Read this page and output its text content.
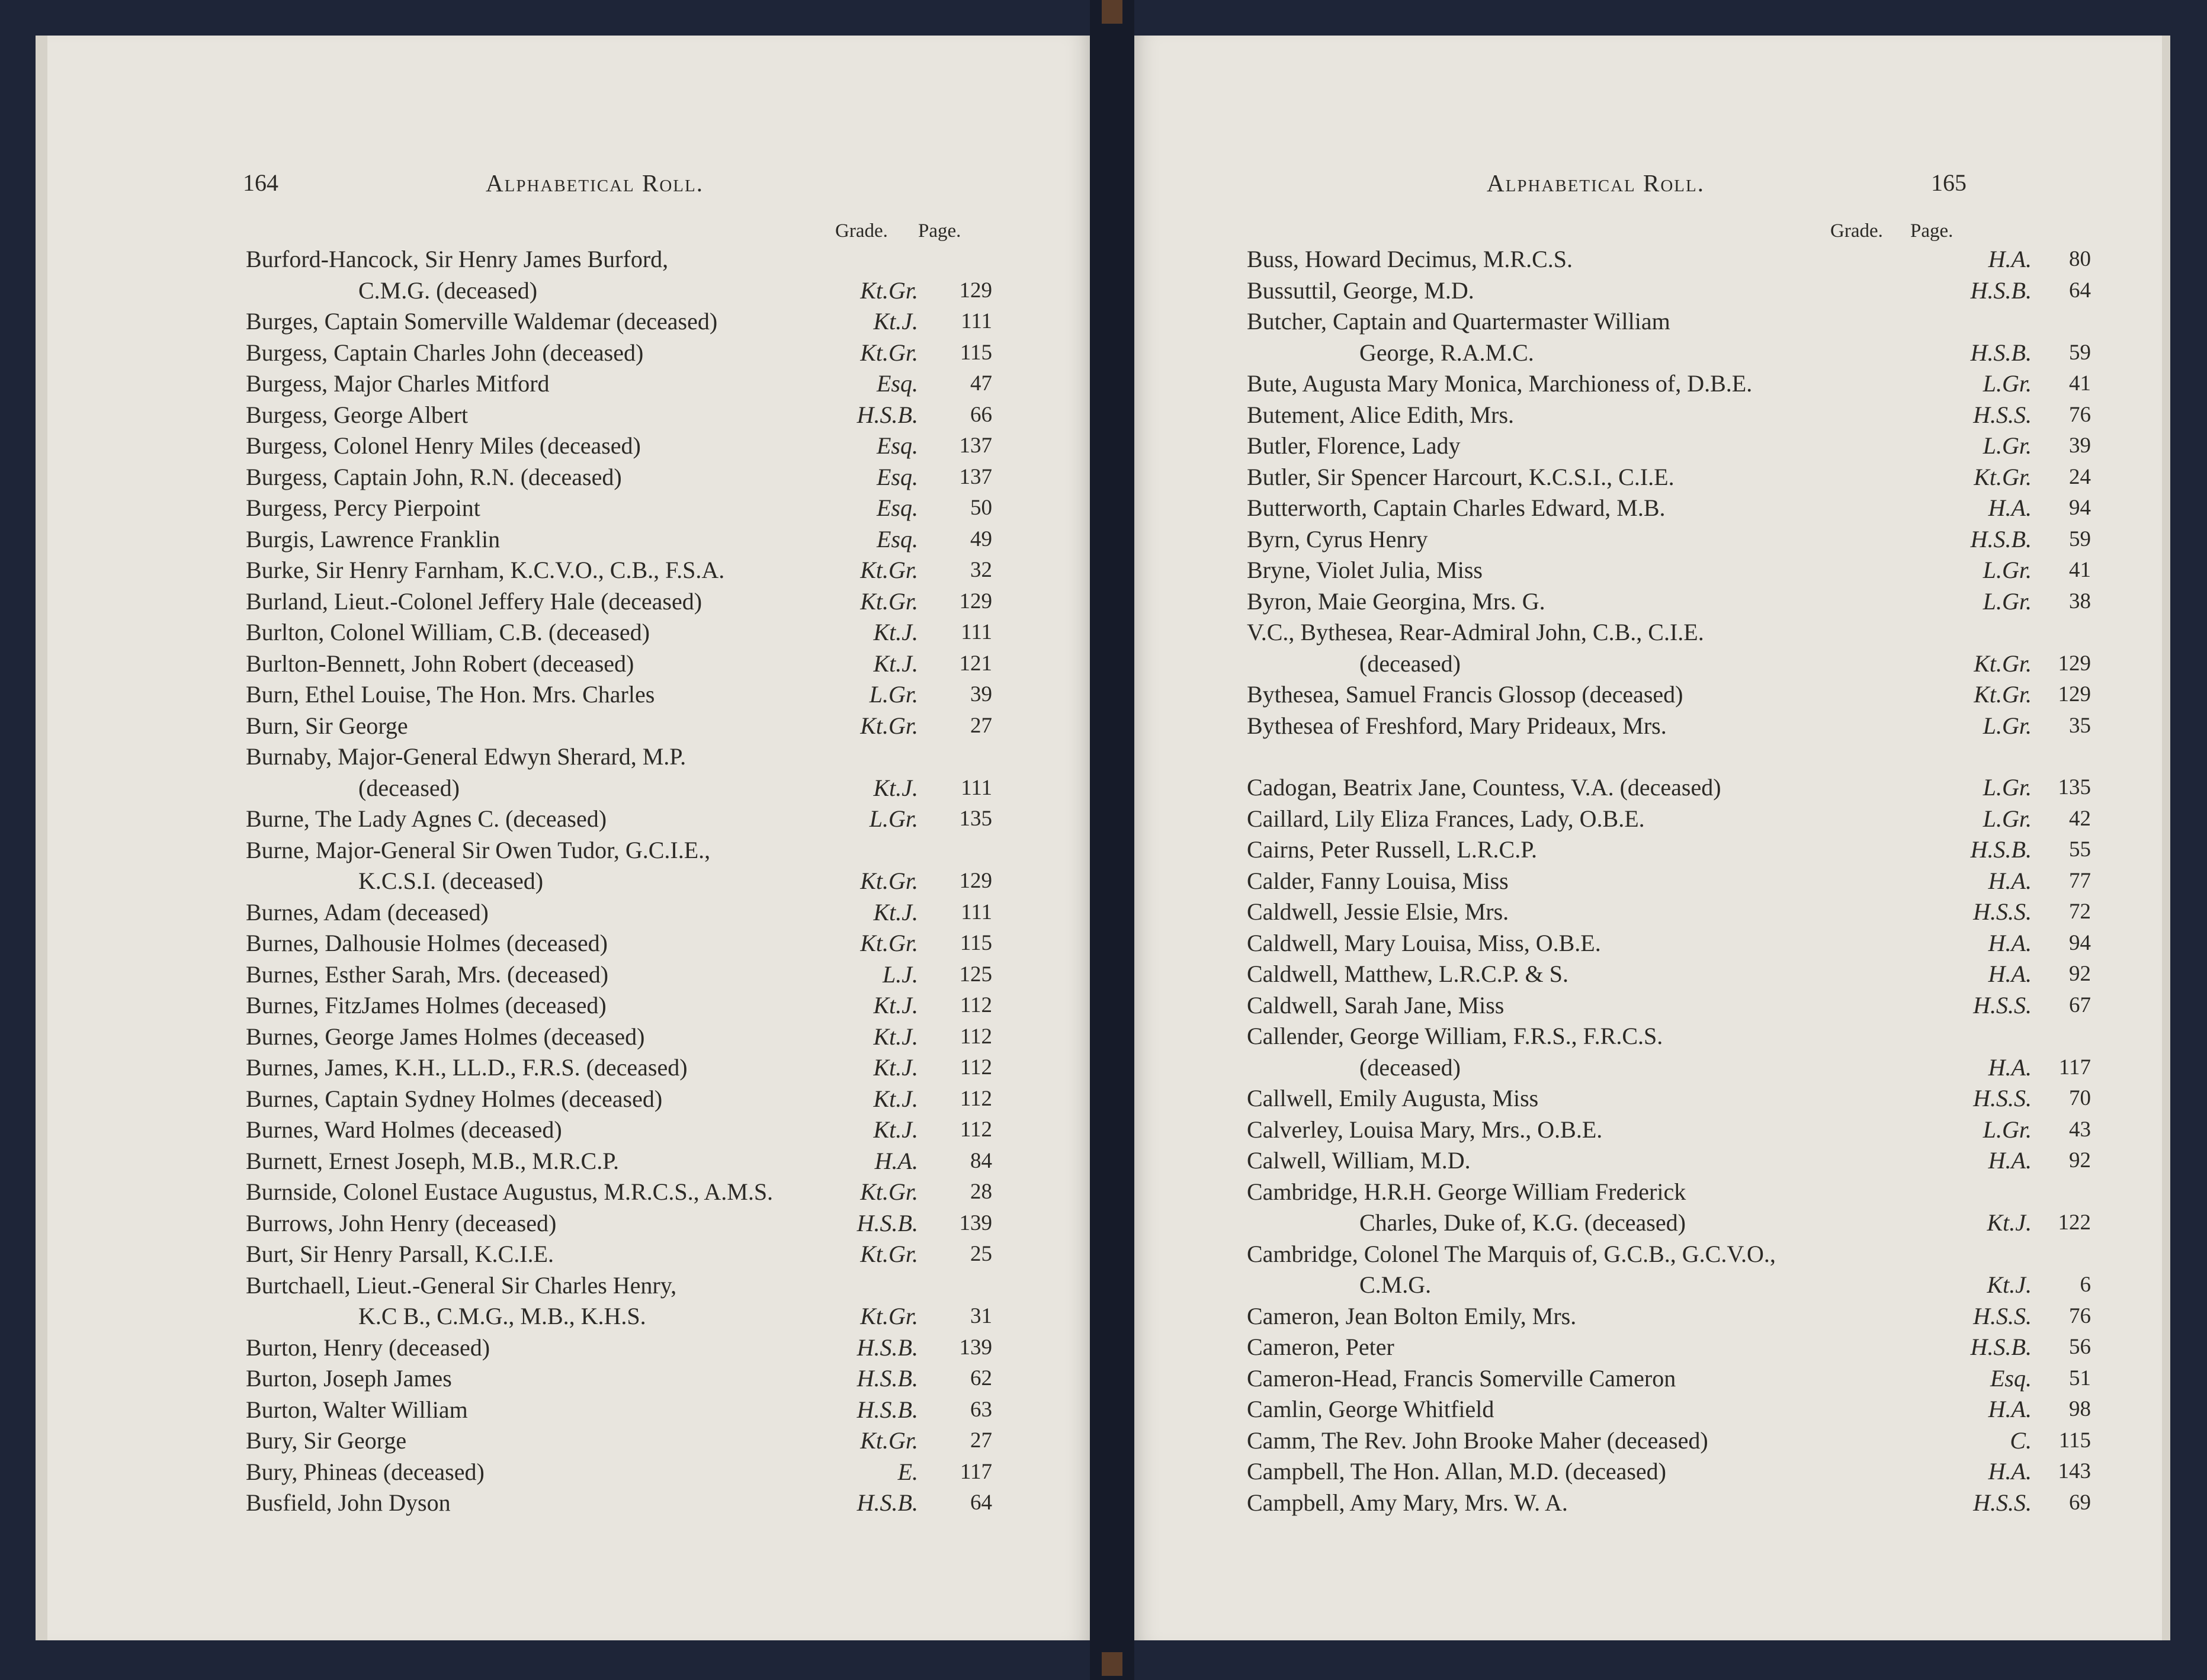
164	Alphabetical Roll.
Grade. Page.
Burford-Hancock, Sir Henry James Burford,
C.M.G. (deceased)	Kt.Gr. 129
Burges, Captain Somerville Waldemar (deceased)	Kt.J. 111
Burgess, Captain Charles John (deceased)	Kt.Gr. 115
Burgess, Major Charles Mitford	Esq. 47
Burgess, George Albert	H.S.B. 66
Burgess, Colonel Henry Miles (deceased)	Esq. 137
Burgess, Captain John, R.N. (deceased)	Esq. 137
Burgess, Percy Pierpoint	Esq. 50
Burgis, Lawrence Franklin	Esq. 49
Burke, Sir Henry Farnham, K.C.V.O., C.B., F.S.A.	Kt.Gr. 32
Burland, Lieut.-Colonel Jeffery Hale (deceased)	Kt.Gr. 129
Burlton, Colonel William, C.B. (deceased)	Kt.J. 111
Burlton-Bennett, John Robert (deceased)	Kt.J. 121
Burn, Ethel Louise, The Hon. Mrs. Charles	L.Gr. 39
Burn, Sir George	Kt.Gr. 27
Burnaby, Major-General Edwyn Sherard, M.P.
(deceased)	Kt.J. 111
Burne, The Lady Agnes C. (deceased)	L.Gr. 135
Burne, Major-General Sir Owen Tudor, G.C.I.E.,
K.C.S.I. (deceased)	Kt.Gr. 129
Burnes, Adam (deceased)	Kt.J. 111
Burnes, Dalhousie Holmes (deceased)	Kt.Gr. 115
Burnes, Esther Sarah, Mrs. (deceased)	L.J. 125
Burnes, FitzJames Holmes (deceased)	Kt.J. 112
Burnes, George James Holmes (deceased)	Kt.J. 112
Burnes, James, K.H., LL.D., F.R.S. (deceased)	Kt.J. 112
Burnes, Captain Sydney Holmes (deceased)	Kt.J. 112
Burnes, Ward Holmes (deceased)	Kt.J. 112
Burnett, Ernest Joseph, M.B., M.R.C.P.	H.A. 84
Burnside, Colonel Eustace Augustus, M.R.C.S., A.M.S.	Kt.Gr. 28
Burrows, John Henry (deceased)	H.S.B. 139
Burt, Sir Henry Parsall, K.C.I.E.	Kt.Gr. 25
Burtchaell, Lieut.-General Sir Charles Henry,
K.C B., C.M.G., M.B., K.H.S.	Kt.Gr. 31
Burton, Henry (deceased)	H.S.B. 139
Burton, Joseph James	H.S.B. 62
Burton, Walter William	H.S.B. 63
Bury, Sir George	Kt.Gr. 27
Bury, Phineas (deceased)	E. 117
Busfield, John Dyson	H.S.B. 64
Alphabetical Roll.	165
Grade. Page.
Buss, Howard Decimus, M.R.C.S.	H.A. 80
Bussuttil, George, M.D.	H.S.B. 64
Butcher, Captain and Quartermaster William
George, R.A.M.C.	H.S.B. 59
Bute, Augusta Mary Monica, Marchioness of, D.B.E.	L.Gr. 41
Butement, Alice Edith, Mrs.	H.S.S. 76
Butler, Florence, Lady	L.Gr. 39
Butler, Sir Spencer Harcourt, K.C.S.I., C.I.E.	Kt.Gr. 24
Butterworth, Captain Charles Edward, M.B.	H.A. 94
Byrn, Cyrus Henry	H.S.B. 59
Bryne, Violet Julia, Miss	L.Gr. 41
Byron, Maie Georgina, Mrs. G.	L.Gr. 38
V.C., Bythesea, Rear-Admiral John, C.B., C.I.E.
(deceased)	Kt.Gr. 129
Bythesea, Samuel Francis Glossop (deceased)	Kt.Gr. 129
Bythesea of Freshford, Mary Prideaux, Mrs.	L.Gr. 35
Cadogan, Beatrix Jane, Countess, V.A. (deceased)	L.Gr. 135
Caillard, Lily Eliza Frances, Lady, O.B.E.	L.Gr. 42
Cairns, Peter Russell, L.R.C.P.	H.S.B. 55
Calder, Fanny Louisa, Miss	H.A. 77
Caldwell, Jessie Elsie, Mrs.	H.S.S. 72
Caldwell, Mary Louisa, Miss, O.B.E.	H.A. 94
Caldwell, Matthew, L.R.C.P. & S.	H.A. 92
Caldwell, Sarah Jane, Miss	H.S.S. 67
Callender, George William, F.R.S., F.R.C.S.
(deceased)	H.A. 117
Callwell, Emily Augusta, Miss	H.S.S. 70
Calverley, Louisa Mary, Mrs., O.B.E.	L.Gr. 43
Calwell, William, M.D.	H.A. 92
Cambridge, H.R.H. George William Frederick
Charles, Duke of, K.G. (deceased)	Kt.J. 122
Cambridge, Colonel The Marquis of, G.C.B., G.C.V.O.,
C.M.G.	Kt.J. 6
Cameron, Jean Bolton Emily, Mrs.	H.S.S. 76
Cameron, Peter	H.S.B. 56
Cameron-Head, Francis Somerville Cameron	Esq. 51
Camlin, George Whitfield	H.A. 98
Camm, The Rev. John Brooke Maher (deceased)	C. 115
Campbell, The Hon. Allan, M.D. (deceased)	H.A. 143
Campbell, Amy Mary, Mrs. W. A.	H.S.S. 69
